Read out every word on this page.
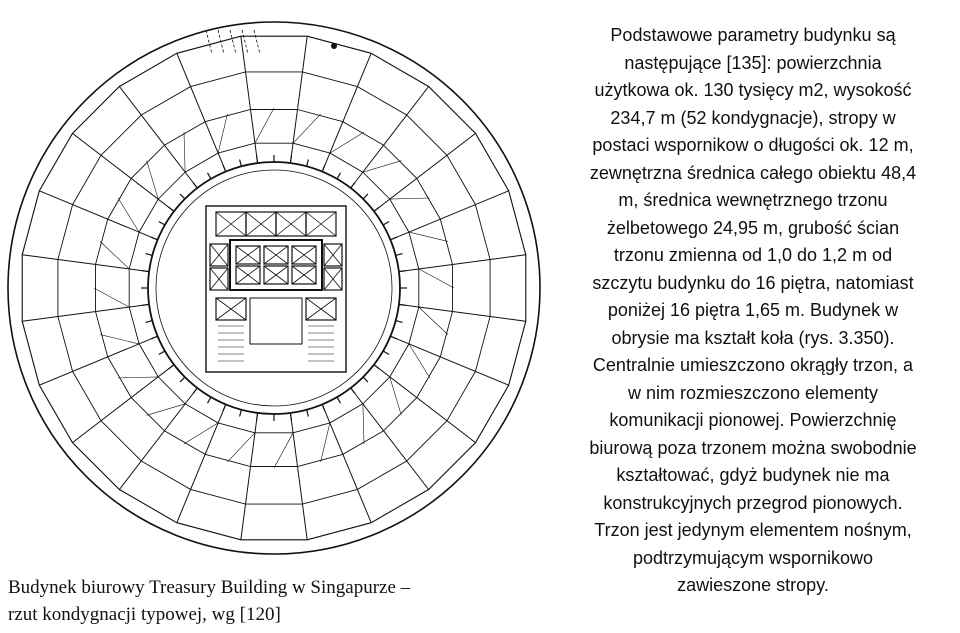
Budynek biurowy Treasury Building w Singapurze –
rzut kondygnacji typowej, wg [120]
Podstawowe parametry budynku są
następujące [135]: powierzchnia
użytkowa ok. 130 tysięcy m2, wysokość
234,7 m (52 kondygnacje), stropy w
postaci wspornikow o długości ok. 12 m,
zewnętrzna średnica całego obiektu 48,4
m, średnica wewnętrznego trzonu
żelbetowego 24,95 m, grubość ścian
trzonu zmienna od 1,0 do 1,2 m od
szczytu budynku do 16 piętra, natomiast
poniżej 16 piętra 1,65 m. Budynek w
obrysie ma kształt koła (rys. 3.350).
Centralnie umieszczono okrągły trzon, a
w nim rozmieszczono elementy
komunikacji pionowej. Powierzchnię
biurową poza trzonem można swobodnie
kształtować, gdyż budynek nie ma
konstrukcyjnych przegrod pionowych.
Trzon jest jedynym elementem nośnym,
podtrzymującym wspornikowo
zawieszone stropy.
